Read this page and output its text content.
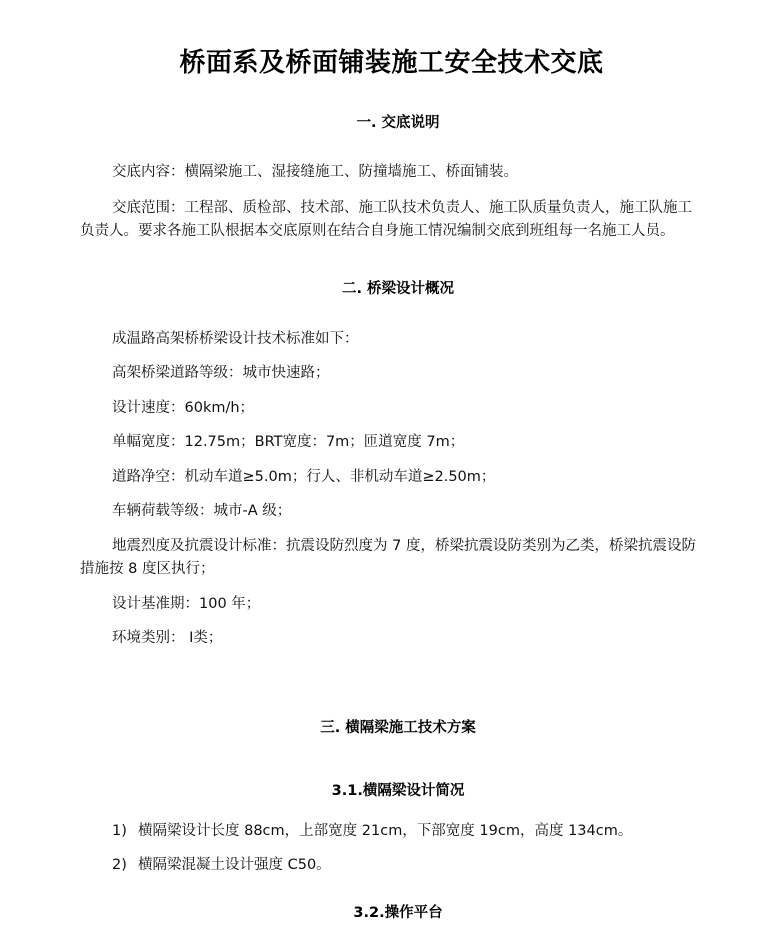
桥面系及桥面铺装施工安全技术交底
一. 交底说明
交底内容：横隔梁施工、湿接缝施工、防撞墙施工、桥面铺装。
交底范围：工程部、质检部、技术部、施工队技术负责人、施工队质量负责人，施工队施工
负责人。要求各施工队根据本交底原则在结合自身施工情况编制交底到班组每一名施工人员。
二. 桥梁设计概况
成温路高架桥桥梁设计技术标准如下：
高架桥梁道路等级：城市快速路；
设计速度：60km/h；
单幅宽度：12.75m；BRT宽度：7m；匝道宽度 7m；
道路净空：机动车道≥5.0m；行人、非机动车道≥2.50m；
车辆荷载等级：城市-A 级；
地震烈度及抗震设计标准：抗震设防烈度为 7 度，桥梁抗震设防类别为乙类，桥梁抗震设防
措施按 8 度区执行；
设计基准期：100 年；
环境类别： Ⅰ类；
三. 横隔梁施工技术方案
3.1.横隔梁设计简况
1) 横隔梁设计长度 88cm，上部宽度 21cm，下部宽度 19cm，高度 134cm。
2) 横隔梁混凝土设计强度 C50。
3.2.操作平台
